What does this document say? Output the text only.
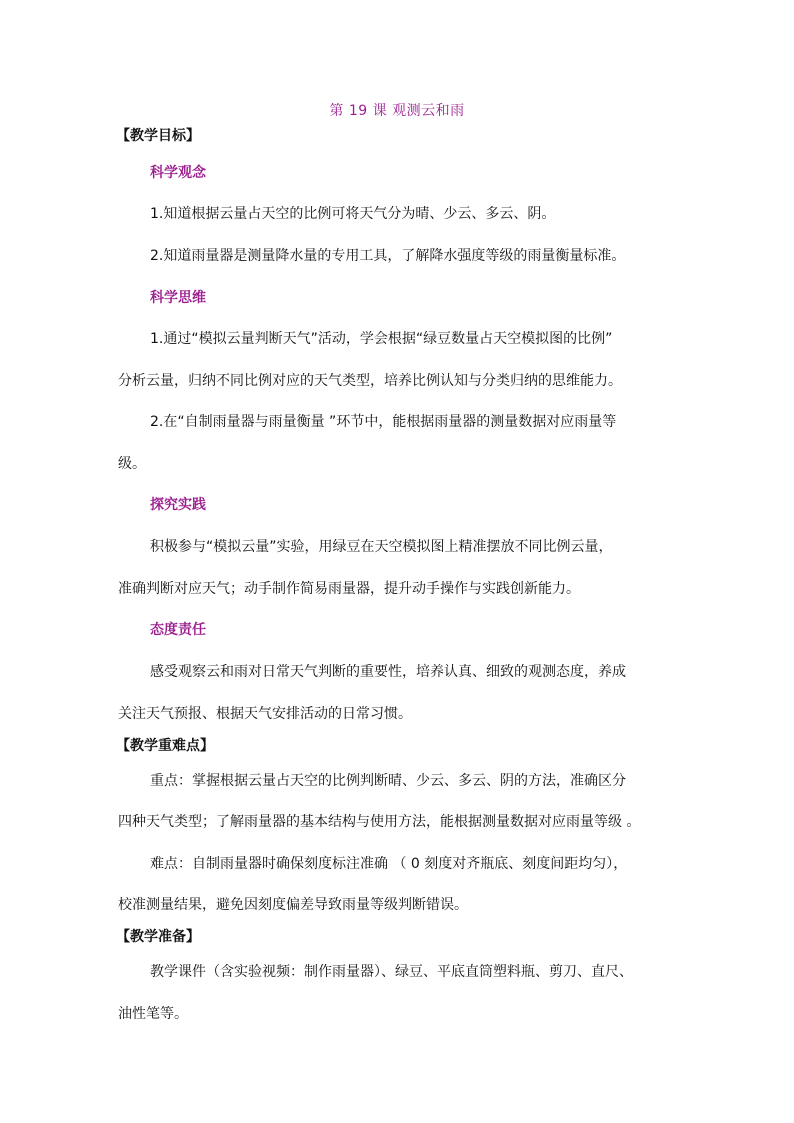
第 19 课 观测云和雨
【教学目标】
科学观念
1.知道根据云量占天空的比例可将天气分为晴、少云、多云、阴。
2.知道雨量器是测量降水量的专用工具，了解降水强度等级的雨量衡量标准。
科学思维
1.通过“模拟云量判断天气”活动，学会根据“绿豆数量占天空模拟图的比例”
分析云量，归纳不同比例对应的天气类型，培养比例认知与分类归纳的思维能力。
2.在“自制雨量器与雨量衡量 ”环节中，能根据雨量器的测量数据对应雨量等
级。
探究实践
积极参与“模拟云量”实验，用绿豆在天空模拟图上精准摆放不同比例云量，
准确判断对应天气；动手制作简易雨量器，提升动手操作与实践创新能力。
态度责任
感受观察云和雨对日常天气判断的重要性，培养认真、细致的观测态度，养成
关注天气预报、根据天气安排活动的日常习惯。
【教学重难点】
重点：掌握根据云量占天空的比例判断晴、少云、多云、阴的方法，准确区分
四种天气类型；了解雨量器的基本结构与使用方法，能根据测量数据对应雨量等级 。
难点：自制雨量器时确保刻度标注准确 （ 0 刻度对齐瓶底、刻度间距均匀），
校准测量结果，避免因刻度偏差导致雨量等级判断错误。
【教学准备】
教学课件（含实验视频：制作雨量器）、绿豆、平底直筒塑料瓶、剪刀、直尺、
油性笔等。
